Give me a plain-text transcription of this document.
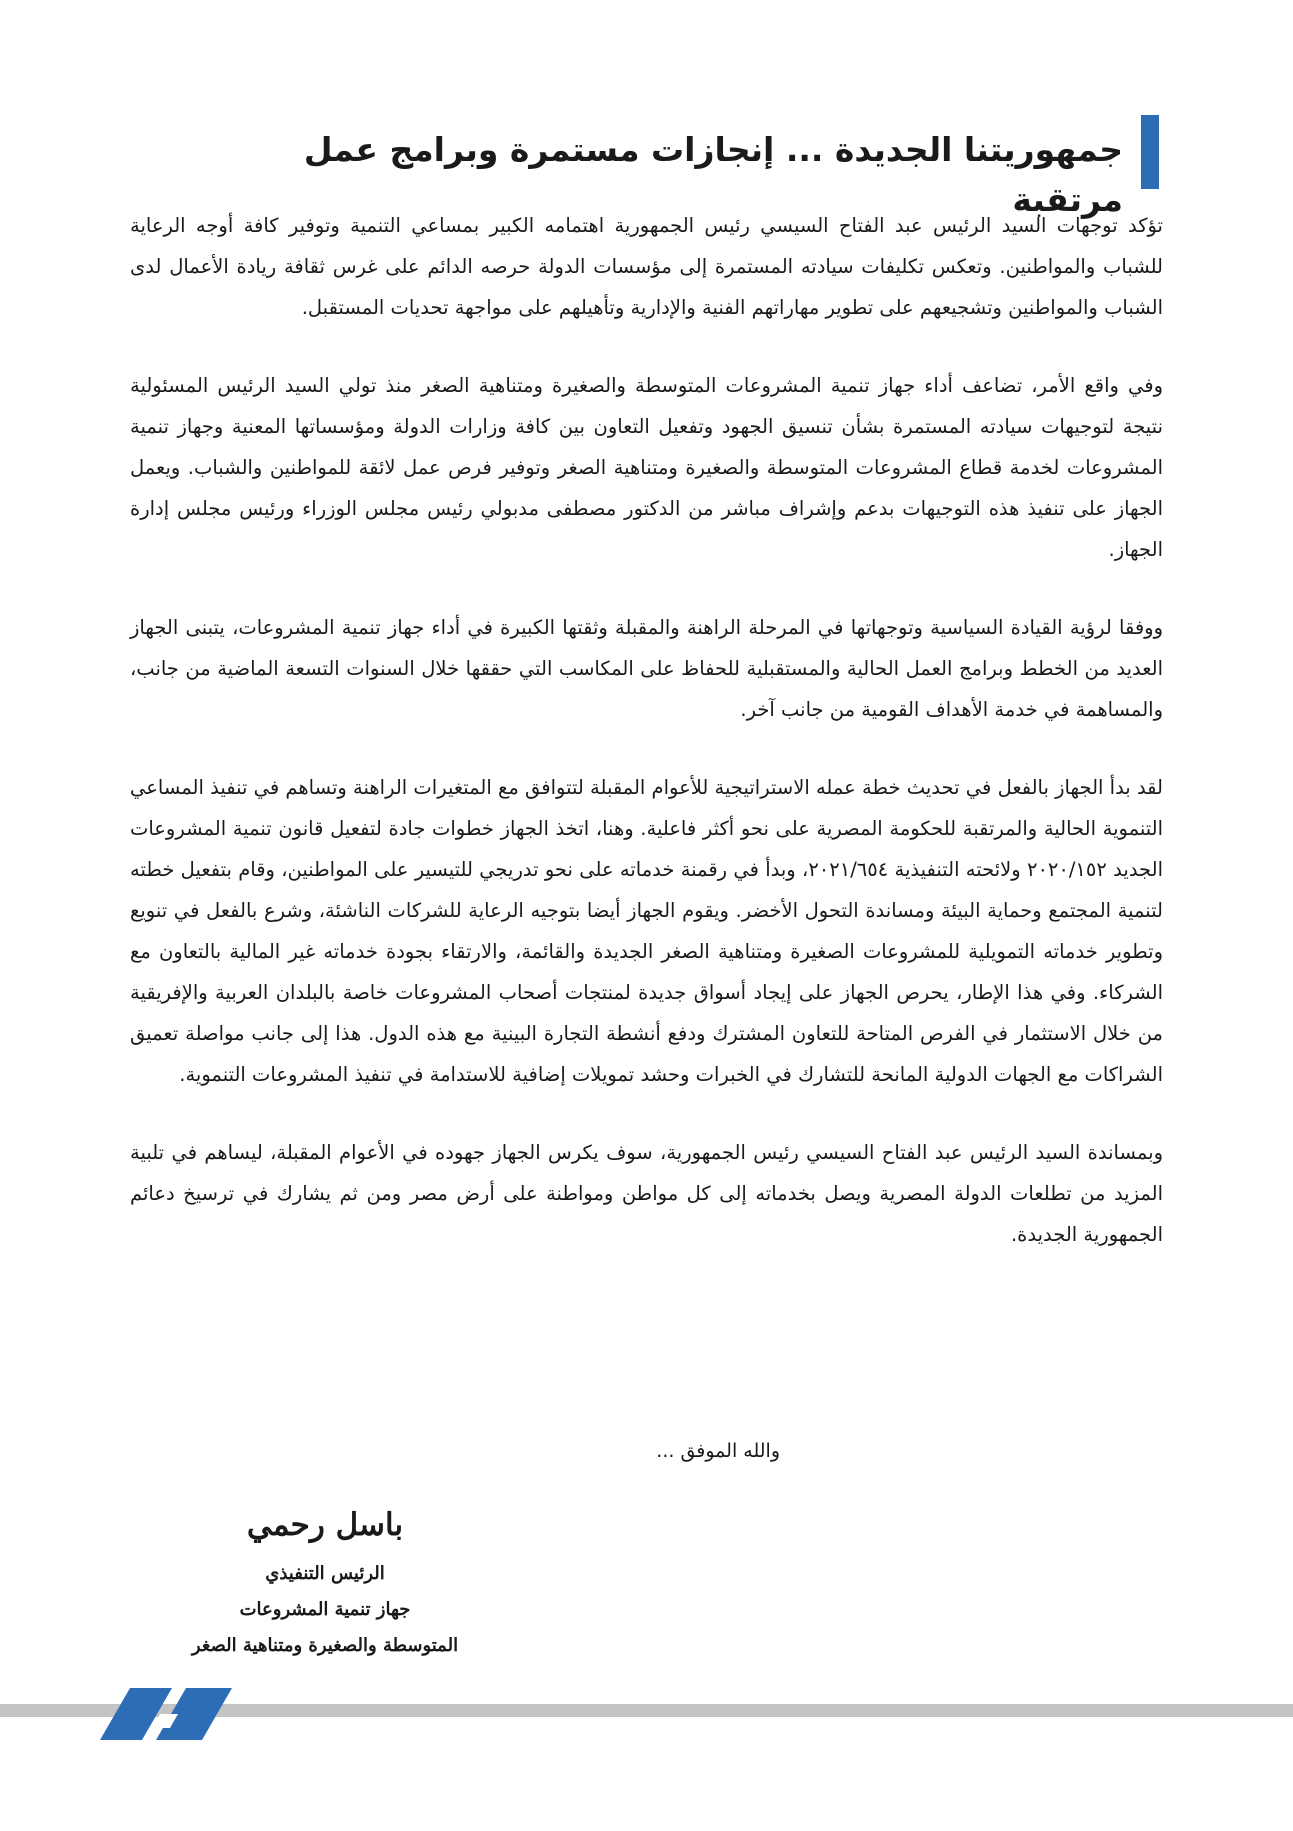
جمهوريتنا الجديدة ... إنجازات مستمرة وبرامج عمل مرتقبة

تؤكد توجهات السيد الرئيس عبد الفتاح السيسي رئيس الجمهورية اهتمامه الكبير بمساعي التنمية وتوفير كافة أوجه الرعاية للشباب والمواطنين. وتعكس تكليفات سيادته المستمرة إلى مؤسسات الدولة حرصه الدائم على غرس ثقافة ريادة الأعمال لدى الشباب والمواطنين وتشجيعهم على تطوير مهاراتهم الفنية والإدارية وتأهيلهم على مواجهة تحديات المستقبل.

وفي واقع الأمر، تضاعف أداء جهاز تنمية المشروعات المتوسطة والصغيرة ومتناهية الصغر منذ تولي السيد الرئيس المسئولية نتيجة لتوجيهات سيادته المستمرة بشأن تنسيق الجهود وتفعيل التعاون بين كافة وزارات الدولة ومؤسساتها المعنية وجهاز تنمية المشروعات لخدمة قطاع المشروعات المتوسطة والصغيرة ومتناهية الصغر وتوفير فرص عمل لائقة للمواطنين والشباب. ويعمل الجهاز على تنفيذ هذه التوجيهات بدعم وإشراف مباشر من الدكتور مصطفى مدبولي رئيس مجلس الوزراء ورئيس مجلس إدارة الجهاز.

ووفقا لرؤية القيادة السياسية وتوجهاتها في المرحلة الراهنة والمقبلة وثقتها الكبيرة في أداء جهاز تنمية المشروعات، يتبنى الجهاز العديد من الخطط وبرامج العمل الحالية والمستقبلية للحفاظ على المكاسب التي حققها خلال السنوات التسعة الماضية من جانب، والمساهمة في خدمة الأهداف القومية من جانب آخر.

لقد بدأ الجهاز بالفعل في تحديث خطة عمله الاستراتيجية للأعوام المقبلة لتتوافق مع المتغيرات الراهنة وتساهم في تنفيذ المساعي التنموية الحالية والمرتقبة للحكومة المصرية على نحو أكثر فاعلية. وهنا، اتخذ الجهاز خطوات جادة لتفعيل قانون تنمية المشروعات الجديد ٢٠٢٠/١٥٢ ولائحته التنفيذية ٢٠٢١/٦٥٤، وبدأ في رقمنة خدماته على نحو تدريجي للتيسير على المواطنين، وقام بتفعيل خطته لتنمية المجتمع وحماية البيئة ومساندة التحول الأخضر. ويقوم الجهاز أيضا بتوجيه الرعاية للشركات الناشئة، وشرع بالفعل في تنويع وتطوير خدماته التمويلية للمشروعات الصغيرة ومتناهية الصغر الجديدة والقائمة، والارتقاء بجودة خدماته غير المالية بالتعاون مع الشركاء. وفي هذا الإطار، يحرص الجهاز على إيجاد أسواق جديدة لمنتجات أصحاب المشروعات خاصة بالبلدان العربية والإفريقية من خلال الاستثمار في الفرص المتاحة للتعاون المشترك ودفع أنشطة التجارة البينية مع هذه الدول. هذا إلى جانب مواصلة تعميق الشراكات مع الجهات الدولية المانحة للتشارك في الخبرات وحشد تمويلات إضافية للاستدامة في تنفيذ المشروعات التنموية.

وبمساندة السيد الرئيس عبد الفتاح السيسي رئيس الجمهورية، سوف يكرس الجهاز جهوده في الأعوام المقبلة، ليساهم في تلبية المزيد من تطلعات الدولة المصرية ويصل بخدماته إلى كل مواطن ومواطنة على أرض مصر ومن ثم يشارك في ترسيخ دعائم الجمهورية الجديدة.

والله الموفق ...
باسل رحمي
الرئيس التنفيذي
جهاز تنمية المشروعات
المتوسطة والصغيرة ومتناهية الصغر
